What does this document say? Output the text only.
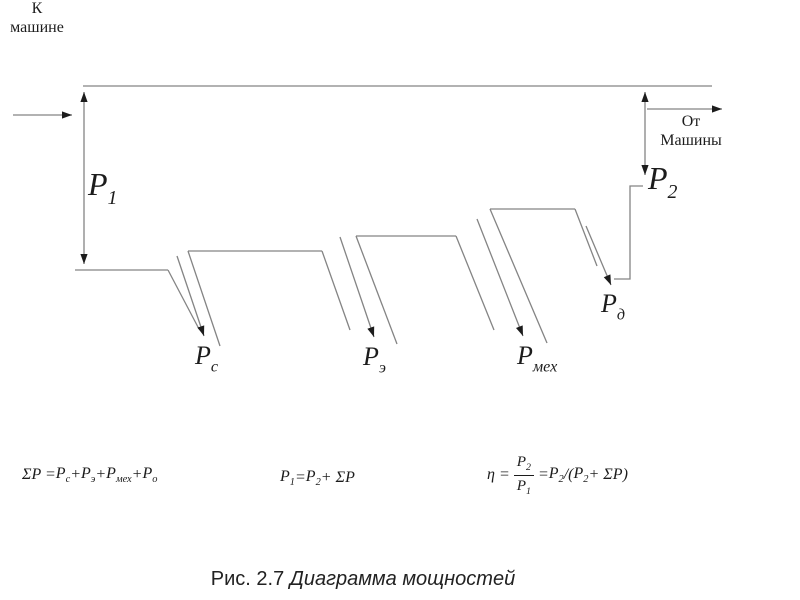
К
машине
От
Машины
$P_1$
$P_2$
$P_с$	$P_э$	$P_{мех}$
$P_д$
$\Sigma P = P_с + P_э + P_{мех} + P_о$	$P_1 = P_2 + \Sigma P$	$\eta = \frac{P_2}{P_1} = P_2$ /( $P_2 + \Sigma P$)
Рис. 2.7 Диаграмма мощностей
